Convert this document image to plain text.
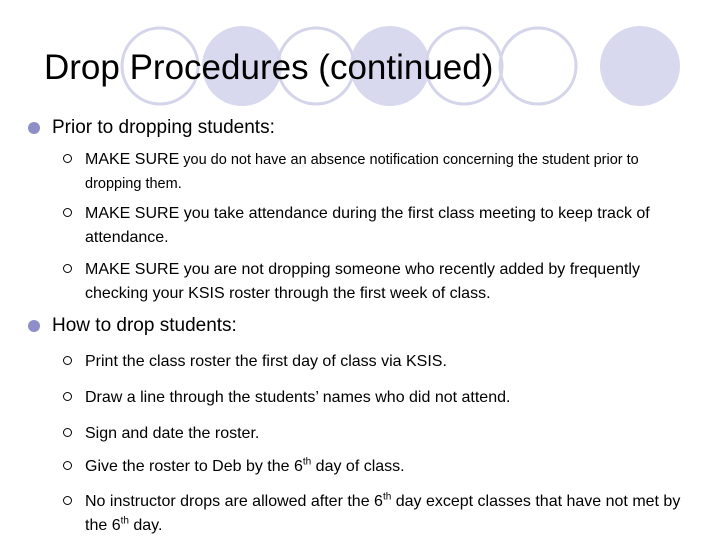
Drop Procedures (continued)
Prior to dropping students:
MAKE SURE you do not have an absence notification concerning the student prior to dropping them.
MAKE SURE you take attendance during the first class meeting to keep track of attendance.
MAKE SURE you are not dropping someone who recently added by frequently checking your KSIS roster through the first week of class.
How to drop students:
Print the class roster the first day of class via KSIS.
Draw a line through the students’ names who did not attend.
Sign and date the roster.
Give the roster to Deb by the 6th day of class.
No instructor drops are allowed after the 6th day except classes that have not met by the 6th day.
